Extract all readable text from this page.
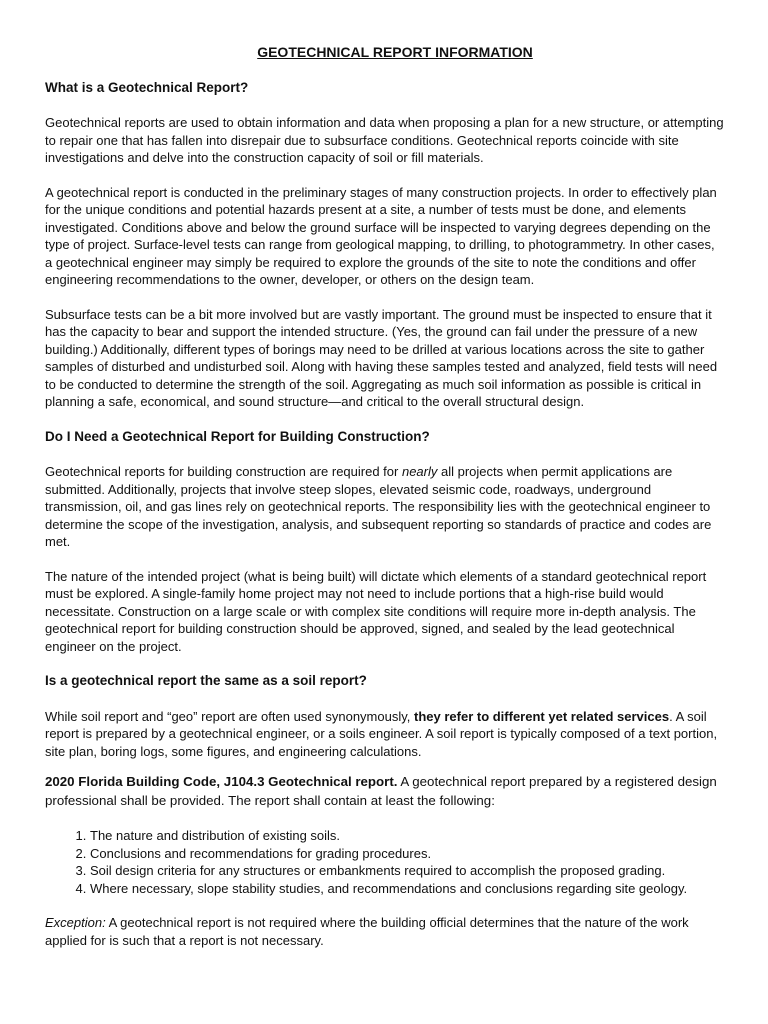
GEOTECHNICAL REPORT INFORMATION
What is a Geotechnical Report?

Geotechnical reports are used to obtain information and data when proposing a plan for a new structure, or attempting to repair one that has fallen into disrepair due to subsurface conditions. Geotechnical reports coincide with site investigations and delve into the construction capacity of soil or fill materials.

A geotechnical report is conducted in the preliminary stages of many construction projects. In order to effectively plan for the unique conditions and potential hazards present at a site, a number of tests must be done, and elements investigated. Conditions above and below the ground surface will be inspected to varying degrees depending on the type of project. Surface-level tests can range from geological mapping, to drilling, to photogrammetry. In other cases, a geotechnical engineer may simply be required to explore the grounds of the site to note the conditions and offer engineering recommendations to the owner, developer, or others on the design team.

Subsurface tests can be a bit more involved but are vastly important. The ground must be inspected to ensure that it has the capacity to bear and support the intended structure. (Yes, the ground can fail under the pressure of a new building.) Additionally, different types of borings may need to be drilled at various locations across the site to gather samples of disturbed and undisturbed soil. Along with having these samples tested and analyzed, field tests will need to be conducted to determine the strength of the soil. Aggregating as much soil information as possible is critical in planning a safe, economical, and sound structure—and critical to the overall structural design.

Do I Need a Geotechnical Report for Building Construction?

Geotechnical reports for building construction are required for nearly all projects when permit applications are submitted. Additionally, projects that involve steep slopes, elevated seismic code, roadways, underground transmission, oil, and gas lines rely on geotechnical reports. The responsibility lies with the geotechnical engineer to determine the scope of the investigation, analysis, and subsequent reporting so standards of practice and codes are met.

The nature of the intended project (what is being built) will dictate which elements of a standard geotechnical report must be explored. A single-family home project may not need to include portions that a high-rise build would necessitate. Construction on a large scale or with complex site conditions will require more in-depth analysis. The geotechnical report for building construction should be approved, signed, and sealed by the lead geotechnical engineer on the project.

Is a geotechnical report the same as a soil report?

While soil report and “geo” report are often used synonymously, they refer to different yet related services. A soil report is prepared by a geotechnical engineer, or a soils engineer. A soil report is typically composed of a text portion, site plan, boring logs, some figures, and engineering calculations.

2020 Florida Building Code, J104.3 Geotechnical report. A geotechnical report prepared by a registered design professional shall be provided. The report shall contain at least the following:

1. The nature and distribution of existing soils.
2. Conclusions and recommendations for grading procedures.
3. Soil design criteria for any structures or embankments required to accomplish the proposed grading.
4. Where necessary, slope stability studies, and recommendations and conclusions regarding site geology.

Exception: A geotechnical report is not required where the building official determines that the nature of the work applied for is such that a report is not necessary.
